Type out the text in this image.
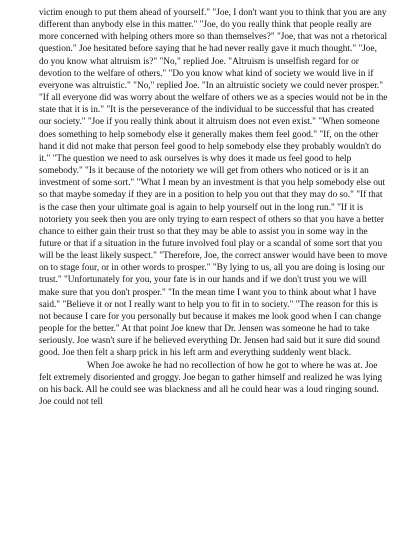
victim enough to put them ahead of yourself." "Joe, I don't want you to think that you are any different than anybody else in this matter." "Joe, do you really think that people really are more concerned with helping others more so than themselves?" "Joe, that was not a rhetorical question." Joe hesitated before saying that he had never really gave it much thought." "Joe, do you know what altruism is?" "No," replied Joe. "Altruism is unselfish regard for or devotion to the welfare of others." "Do you know what kind of society we would live in if everyone was altruistic." "No," replied Joe. "In an altruistic society we could never prosper." "If all everyone did was worry about the welfare of others we as a species would not be in the state that it is in." "It is the perseverance of the individual to be successful that has created our society." "Joe if you really think about it altruism does not even exist." "When someone does something to help somebody else it generally makes them feel good." "If, on the other hand it did not make that person feel good to help somebody else they probably wouldn't do it." "The question we need to ask ourselves is why does it made us feel good to help somebody." "Is it because of the notoriety we will get from others who noticed or is it an investment of some sort." "What I mean by an investment is that you help somebody else out so that maybe someday if they are in a position to help you out that they may do so." "If that is the case then your ultimate goal is again to help yourself out in the long run." "If it is notoriety you seek then you are only trying to earn respect of others so that you have a better chance to either gain their trust so that they may be able to assist you in some way in the future or that if a situation in the future involved foul play or a scandal of some sort that you will be the least likely suspect." "Therefore, Joe, the correct answer would have been to move on to stage four, or in other words to prosper." "By lying to us, all you are doing is losing our trust." "Unfortunately for you, your fate is in our hands and if we don't trust you we will make sure that you don't prosper." "In the mean time I want you to think about what I have said." "Believe it or not I really want to help you to fit in to society." "The reason for this is not because I care for you personally but because it makes me look good when I can change people for the better." At that point Joe knew that Dr. Jensen was someone he had to take seriously. Joe wasn't sure if he believed everything Dr. Jensen had said but it sure did sound good. Joe then felt a sharp prick in his left arm and everything suddenly went black.

When Joe awoke he had no recollection of how he got to where he was at. Joe felt extremely disoriented and groggy. Joe began to gather himself and realized he was lying on his back. All he could see was blackness and all he could hear was a loud ringing sound. Joe could not tell
